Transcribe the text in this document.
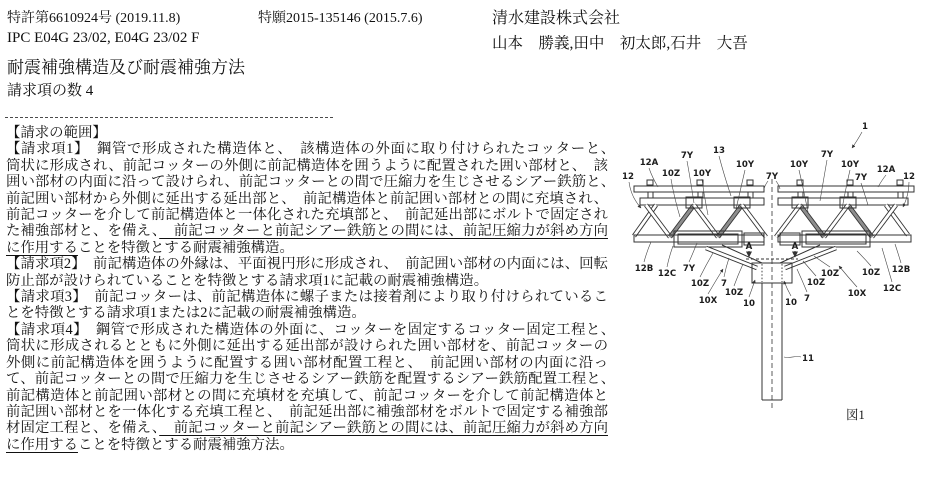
特許第6610924号 (2019.11.8)	特願2015-135146 (2015.7.6)	清水建設株式会社
IPC E04G 23/02, E04G 23/02 F	山本　勝義,田中　初太郎,石井　大吾
耐震補強構造及び耐震補強方法
請求項の数 4
1
12A
12	10Z
7Y
10Y
13
10Y
7Y
10Y
7Y
10Y
7Y
12A
12
12B 12C 7Y
10Z 7
10Z
10X	10
A	A
10 7
10Z
10Z	10Z
10X 12C
12B
11
図1

【請求の範囲】

【請求項1】　鋼管で形成された構造体と、　該構造体の外面に取り付けられたコッターと、　筒状に形成され、前記コッターの外側に前記構造体を囲うように配置された囲い部材と、　該囲い部材の内面に沿って設けられ、前記コッターとの間で圧縮力を生じさせるシアー鉄筋と、　前記囲い部材から外側に延出する延出部と、　前記構造体と前記囲い部材との間に充填され、前記コッターを介して前記構造体と一体化された充填部と、　前記延出部にボルトで固定された補強部材と、を備え、　前記コッターと前記シアー鉄筋との間には、前記圧縮力が斜め方向に作用することを特徴とする耐震補強構造。

【請求項2】　前記構造体の外縁は、平面視円形に形成され、　前記囲い部材の内面には、回転防止部が設けられていることを特徴とする請求項1に記載の耐震補強構造。

【請求項3】　前記コッターは、前記構造体に螺子または接着剤により取り付けられていることを特徴とする請求項1または2に記載の耐震補強構造。

【請求項4】　鋼管で形成された構造体の外面に、コッターを固定するコッター固定工程と、　筒状に形成されるとともに外側に延出する延出部が設けられた囲い部材を、前記コッターの外側に前記構造体を囲うように配置する囲い部材配置工程と、　前記囲い部材の内面に沿って、前記コッターとの間で圧縮力を生じさせるシアー鉄筋を配置するシアー鉄筋配置工程と、　前記構造体と前記囲い部材との間に充填材を充填して、前記コッターを介して前記構造体と前記囲い部材とを一体化する充填工程と、　前記延出部に補強部材をボルトで固定する補強部材固定工程と、を備え、　前記コッターと前記シアー鉄筋との間には、前記圧縮力が斜め方向に作用することを特徴とする耐震補強方法。
